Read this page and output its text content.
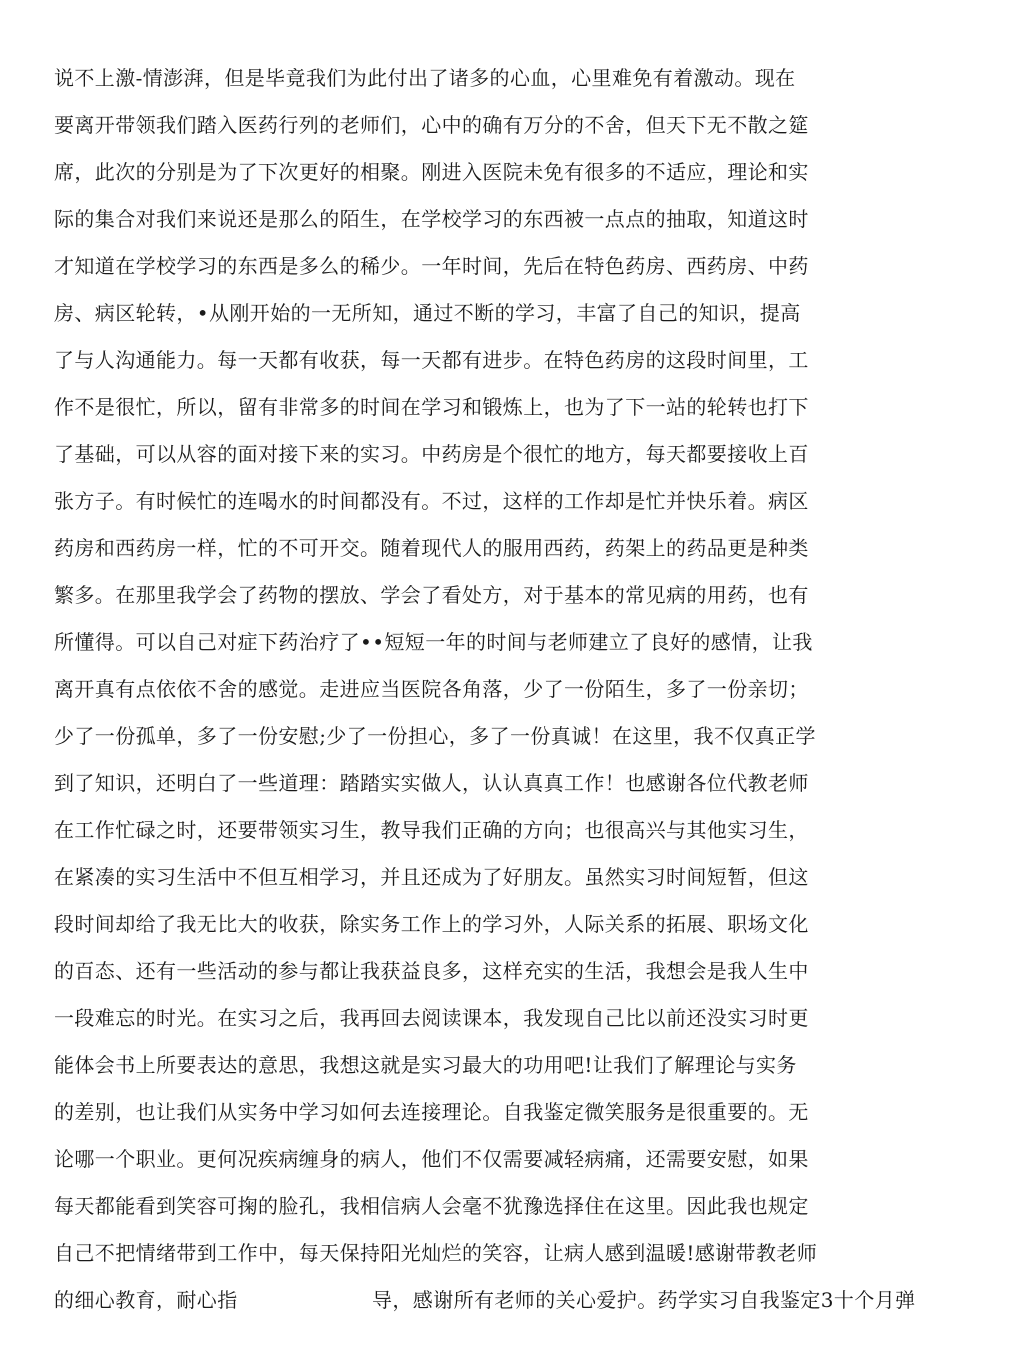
说不上激-情澎湃，但是毕竟我们为此付出了诸多的心血，心里难免有着激动。现在
要离开带领我们踏入医药行列的老师们，心中的确有万分的不舍，但天下无不散之筵
席，此次的分别是为了下次更好的相聚。刚进入医院未免有很多的不适应，理论和实
际的集合对我们来说还是那么的陌生，在学校学习的东西被一点点的抽取，知道这时
才知道在学校学习的东西是多么的稀少。一年时间，先后在特色药房、西药房、中药
房、病区轮转，•从刚开始的一无所知，通过不断的学习，丰富了自己的知识，提高
了与人沟通能力。每一天都有收获，每一天都有进步。在特色药房的这段时间里，工
作不是很忙，所以，留有非常多的时间在学习和锻炼上，也为了下一站的轮转也打下
了基础，可以从容的面对接下来的实习。中药房是个很忙的地方，每天都要接收上百
张方子。有时候忙的连喝水的时间都没有。不过，这样的工作却是忙并快乐着。病区
药房和西药房一样，忙的不可开交。随着现代人的服用西药，药架上的药品更是种类
繁多。在那里我学会了药物的摆放、学会了看处方，对于基本的常见病的用药，也有
所懂得。可以自己对症下药治疗了••短短一年的时间与老师建立了良好的感情，让我
离开真有点依依不舍的感觉。走进应当医院各角落，少了一份陌生，多了一份亲切；
少了一份孤单，多了一份安慰;少了一份担心，多了一份真诚！在这里，我不仅真正学
到了知识，还明白了一些道理：踏踏实实做人，认认真真工作！也感谢各位代教老师
在工作忙碌之时，还要带领实习生，教导我们正确的方向；也很高兴与其他实习生，
在紧凑的实习生活中不但互相学习，并且还成为了好朋友。虽然实习时间短暂，但这
段时间却给了我无比大的收获，除实务工作上的学习外，人际关系的拓展、职场文化
的百态、还有一些活动的参与都让我获益良多，这样充实的生活，我想会是我人生中
一段难忘的时光。在实习之后，我再回去阅读课本，我发现自己比以前还没实习时更
能体会书上所要表达的意思，我想这就是实习最大的功用吧!让我们了解理论与实务
的差别，也让我们从实务中学习如何去连接理论。自我鉴定微笑服务是很重要的。无
论哪一个职业。更何况疾病缠身的病人，他们不仅需要减轻病痛，还需要安慰，如果
每天都能看到笑容可掬的脸孔，我相信病人会毫不犹豫选择住在这里。因此我也规定
自己不把情绪带到工作中，每天保持阳光灿烂的笑容，让病人感到温暖!感谢带教老师
的细心教育，耐心指	导，感谢所有老师的关心爱护。药学实习自我鉴定3十个月弹
